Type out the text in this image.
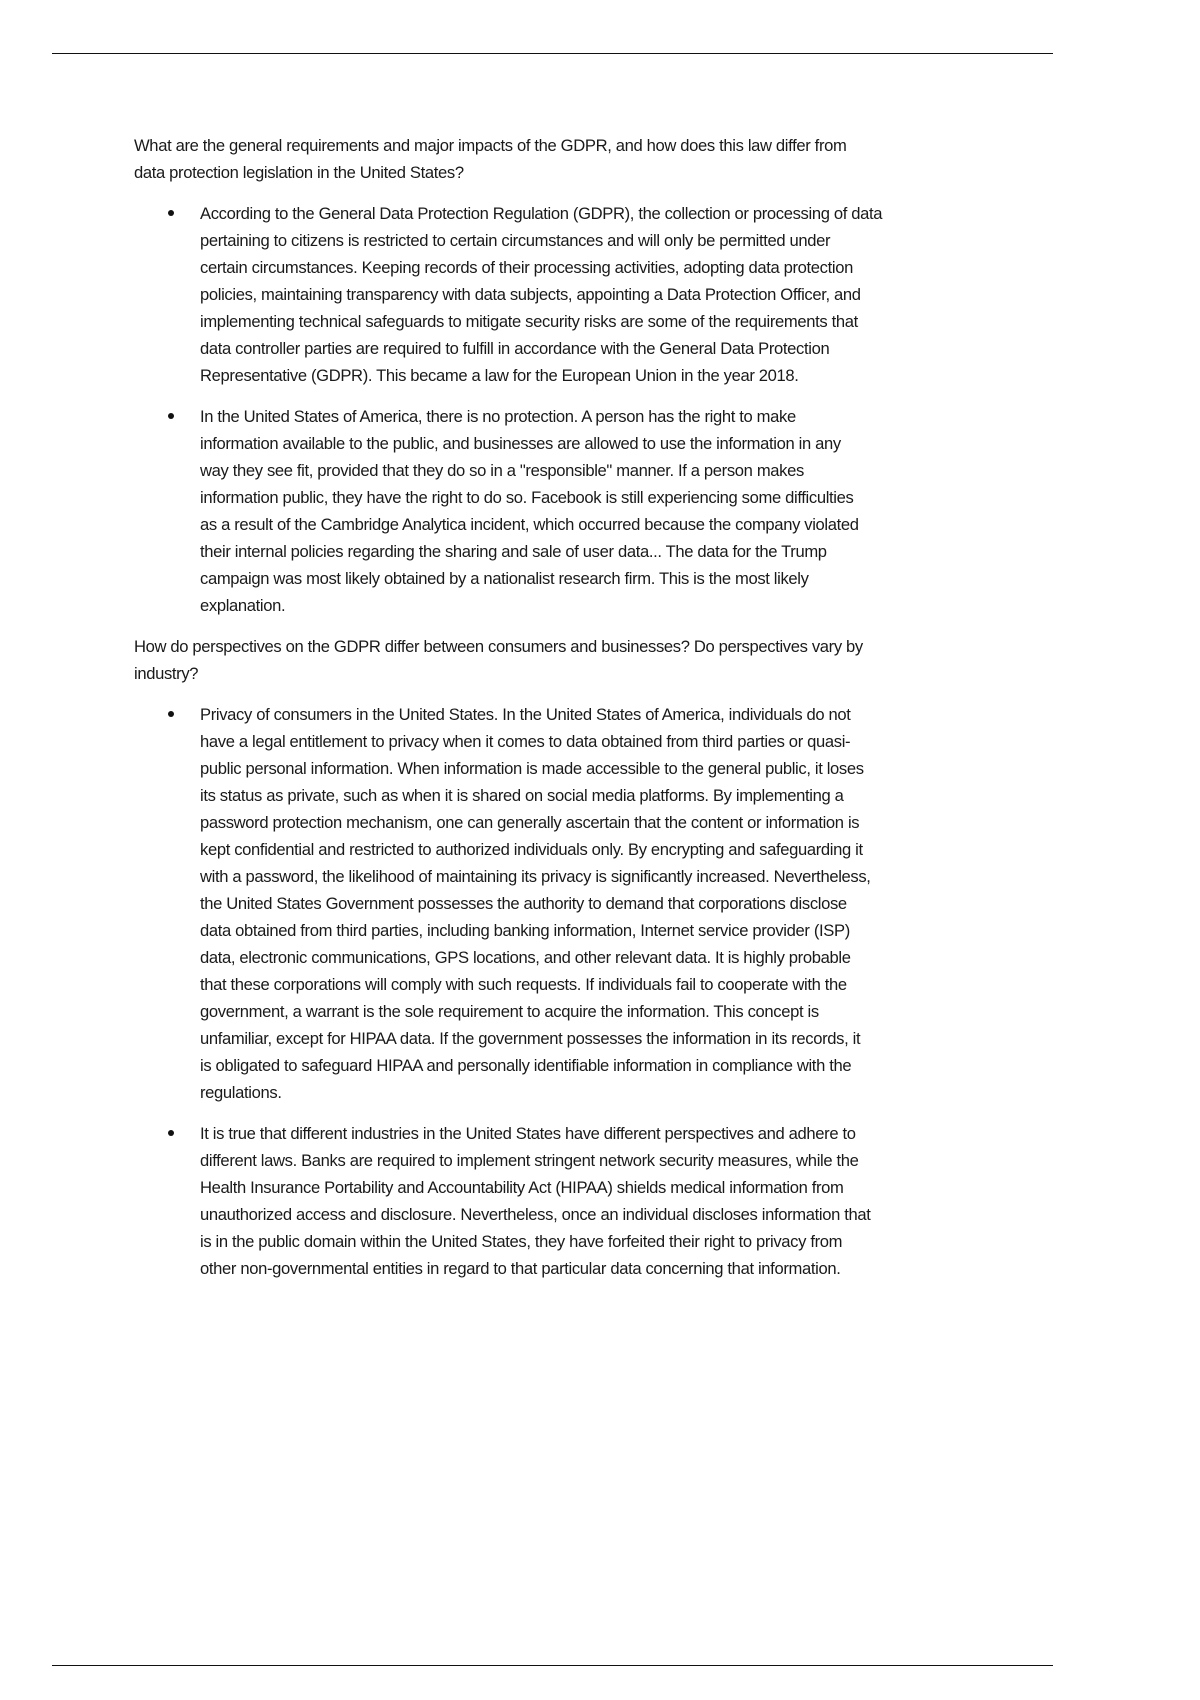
What are the general requirements and major impacts of the GDPR, and how does this law differ from
data protection legislation in the United States?
According to the General Data Protection Regulation (GDPR), the collection or processing of data
pertaining to citizens is restricted to certain circumstances and will only be permitted under
certain circumstances. Keeping records of their processing activities, adopting data protection
policies, maintaining transparency with data subjects, appointing a Data Protection Officer, and
implementing technical safeguards to mitigate security risks are some of the requirements that
data controller parties are required to fulfill in accordance with the General Data Protection
Representative (GDPR). This became a law for the European Union in the year 2018.
In the United States of America, there is no protection. A person has the right to make
information available to the public, and businesses are allowed to use the information in any
way they see fit, provided that they do so in a "responsible" manner. If a person makes
information public, they have the right to do so. Facebook is still experiencing some difficulties
as a result of the Cambridge Analytica incident, which occurred because the company violated
their internal policies regarding the sharing and sale of user data... The data for the Trump
campaign was most likely obtained by a nationalist research firm. This is the most likely
explanation.
How do perspectives on the GDPR differ between consumers and businesses? Do perspectives vary by
industry?
Privacy of consumers in the United States. In the United States of America, individuals do not
have a legal entitlement to privacy when it comes to data obtained from third parties or quasi-
public personal information. When information is made accessible to the general public, it loses
its status as private, such as when it is shared on social media platforms. By implementing a
password protection mechanism, one can generally ascertain that the content or information is
kept confidential and restricted to authorized individuals only. By encrypting and safeguarding it
with a password, the likelihood of maintaining its privacy is significantly increased. Nevertheless,
the United States Government possesses the authority to demand that corporations disclose
data obtained from third parties, including banking information, Internet service provider (ISP)
data, electronic communications, GPS locations, and other relevant data. It is highly probable
that these corporations will comply with such requests. If individuals fail to cooperate with the
government, a warrant is the sole requirement to acquire the information. This concept is
unfamiliar, except for HIPAA data. If the government possesses the information in its records, it
is obligated to safeguard HIPAA and personally identifiable information in compliance with the
regulations.
It is true that different industries in the United States have different perspectives and adhere to
different laws. Banks are required to implement stringent network security measures, while the
Health Insurance Portability and Accountability Act (HIPAA) shields medical information from
unauthorized access and disclosure. Nevertheless, once an individual discloses information that
is in the public domain within the United States, they have forfeited their right to privacy from
other non-governmental entities in regard to that particular data concerning that information.
